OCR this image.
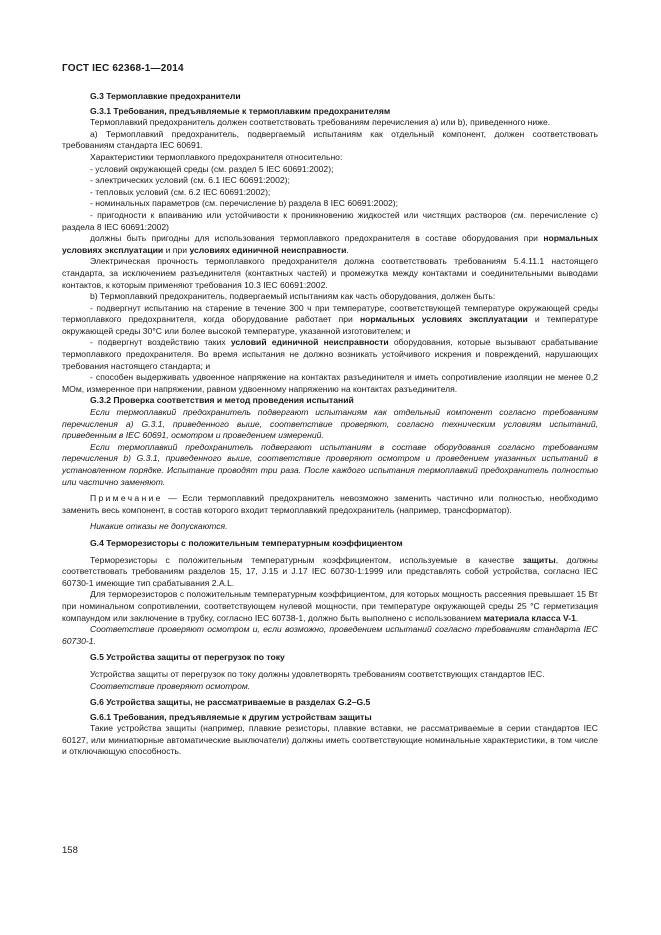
ГОСТ IEC 62368-1—2014

G.3 Термоплавкие предохранители

G.3.1 Требования, предъявляемые к термоплавким предохранителям

Термоплавкий предохранитель должен соответствовать требованиям перечисления a) или b), приведенного ниже.

a) Термоплавкий предохранитель, подвергаемый испытаниям как отдельный компонент, должен соответствовать требованиям стандарта IEC 60691.

Характеристики термоплавкого предохранителя относительно:

- условий окружающей среды (см. раздел 5 IEC 60691:2002);

- электрических условий (см. 6.1 IEC 60691:2002);

- тепловых условий (см. 6.2 IEC 60691:2002);

- номинальных параметров (см. перечисление b) раздела 8 IEC 60691:2002);

- пригодности к впаиванию или устойчивости к проникновению жидкостей или чистящих растворов (см. перечисление c) раздела 8 IEC 60691:2002)

должны быть пригодны для использования термоплавкого предохранителя в составе оборудования при нормальных условиях эксплуатации и при условиях единичной неисправности.

Электрическая прочность термоплавкого предохранителя должна соответствовать требованиям 5.4.11.1 настоящего стандарта, за исключением разъединителя (контактных частей) и промежутка между контактами и соединительными выводами контактов, к которым применяют требования 10.3 IEC 60691:2002.

b) Термоплавкий предохранитель, подвергаемый испытаниям как часть оборудования, должен быть:

- подвергнут испытанию на старение в течение 300 ч при температуре, соответствующей температуре окружающей среды термоплавкого предохранителя, когда оборудование работает при нормальных условиях эксплуатации и температуре окружающей среды 30°С или более высокой температуре, указанной изготовителем; и

- подвергнут воздействию таких условий единичной неисправности оборудования, которые вызывают срабатывание термоплавкого предохранителя. Во время испытания не должно возникать устойчивого искрения и повреждений, нарушающих требования настоящего стандарта; и

- способен выдерживать удвоенное напряжение на контактах разъединителя и иметь сопротивление изоляции не менее 0,2 МОм, измеренное при напряжении, равном удвоенному напряжению на контактах разъединителя.

G.3.2 Проверка соответствия и метод проведения испытаний

Если термоплавкий предохранитель подвергают испытаниям как отдельный компонент согласно требованиям перечисления a) G.3.1, приведенного выше, соответствие проверяют, согласно техническим условиям испытаний, приведенным в IEC 60691, осмотром и проведением измерений.

Если термоплавкий предохранитель подвергают испытаниям в составе оборудования согласно требованиям перечисления b) G.3.1, приведенного выше, соответствие проверяют осмотром и проведением указанных испытаний в установленном порядке. Испытание проводят три раза. После каждого испытания термоплавкий предохранитель полностью или частично заменяют.

Примечание — Если термоплавкий предохранитель невозможно заменить частично или полностью, необходимо заменить весь компонент, в состав которого входит термоплавкий предохранитель (например, трансформатор).

Никакие отказы не допускаются.

G.4 Терморезисторы с положительным температурным коэффициентом

Терморезисторы с положительным температурным коэффициентом, используемые в качестве защиты, должны соответствовать требованиям разделов 15, 17, J.15 и J.17 IEC 60730-1:1999 или представлять собой устройства, согласно IEC 60730-1 имеющие тип срабатывания 2.A.L.

Для терморезисторов с положительным температурным коэффициентом, для которых мощность рассеяния превышает 15 Вт при номинальном сопротивлении, соответствующем нулевой мощности, при температуре окружающей среды 25 °С герметизация компаундом или заключение в трубку, согласно IEC 60738-1, должно быть выполнено с использованием материала класса V-1.

Соответствие проверяют осмотром и, если возможно, проведением испытаний согласно требованиям стандарта IEC 60730-1.

G.5 Устройства защиты от перегрузок по току

Устройства защиты от перегрузок по току должны удовлетворять требованиям соответствующих стандартов IEC.

Соответствие проверяют осмотром.

G.6 Устройства защиты, не рассматриваемые в разделах G.2–G.5

G.6.1 Требования, предъявляемые к другим устройствам защиты

Такие устройства защиты (например, плавкие резисторы, плавкие вставки, не рассматриваемые в серии стандартов IEC 60127, или миниатюрные автоматические выключатели) должны иметь соответствующие номинальные характеристики, в том числе и отключающую способность.

158
